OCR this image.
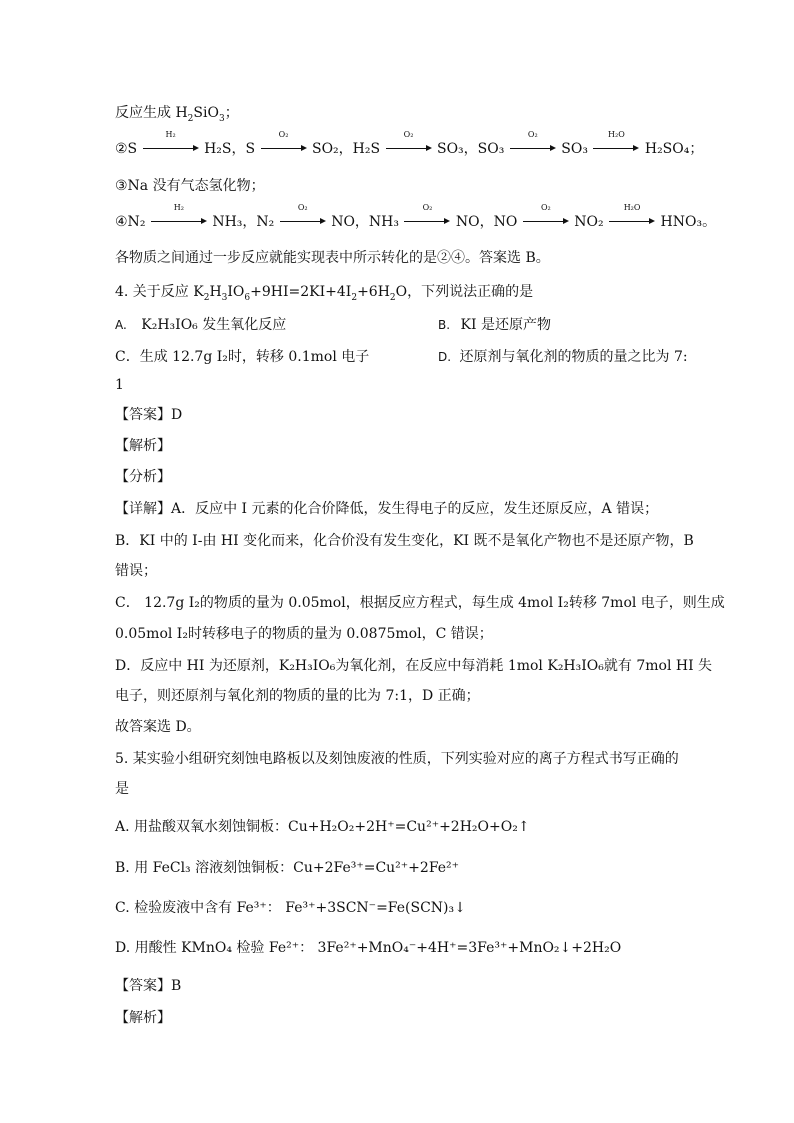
反应生成 $H_2SiO_3$；
②S
H₂
H₂S，S
O₂
SO₂，H₂S
O₂
SO₃，SO₃
O₂
SO₃
H₂O
H₂SO₄；
③Na 没有气态氢化物；
④N₂
H₂
NH₃，N₂
O₂
NO，NH₃
O₂
NO，NO
O₂
NO₂
H₂O
HNO₃。
各物质之间通过一步反应就能实现表中所示转化的是②④。答案选 B。
4. 关于反应 $K_2H_3IO_6+9HI=2KI+4I_2+6H_2O$，下列说法正确的是
A. K₂H₃IO₆ 发生氧化反应	B. KI 是还原产物
C．生成 12.7g I₂时，转移 0.1mol 电子	D. 还原剂与氧化剂的物质的量之比为 7:
1
【答案】D
【解析】
【分析】
【详解】A．反应中 I 元素的化合价降低，发生得电子的反应，发生还原反应，A 错误；
B．KI 中的 I-由 HI 变化而来，化合价没有发生变化，KI 既不是氧化产物也不是还原产物，B
错误；
C． 12.7g I₂的物质的量为 0.05mol，根据反应方程式，每生成 4mol I₂转移 7mol 电子，则生成
0.05mol I₂时转移电子的物质的量为 0.0875mol，C 错误；
D．反应中 HI 为还原剂，K₂H₃IO₆为氧化剂，在反应中每消耗 1mol K₂H₃IO₆就有 7mol HI 失
电子，则还原剂与氧化剂的物质的量的比为 7:1，D 正确；
故答案选 D。
5. 某实验小组研究刻蚀电路板以及刻蚀废液的性质，下列实验对应的离子方程式书写正确的
是
A. 用盐酸双氧水刻蚀铜板：Cu+H₂O₂+2H⁺=Cu²⁺+2H₂O+O₂↑
B. 用 FeCl₃ 溶液刻蚀铜板：Cu+2Fe³⁺=Cu²⁺+2Fe²⁺
C. 检验废液中含有 Fe³⁺： Fe³⁺+3SCN⁻=Fe(SCN)₃↓
D. 用酸性 KMnO₄ 检验 Fe²⁺： 3Fe²⁺+MnO₄⁻+4H⁺=3Fe³⁺+MnO₂↓+2H₂O
【答案】B
【解析】
